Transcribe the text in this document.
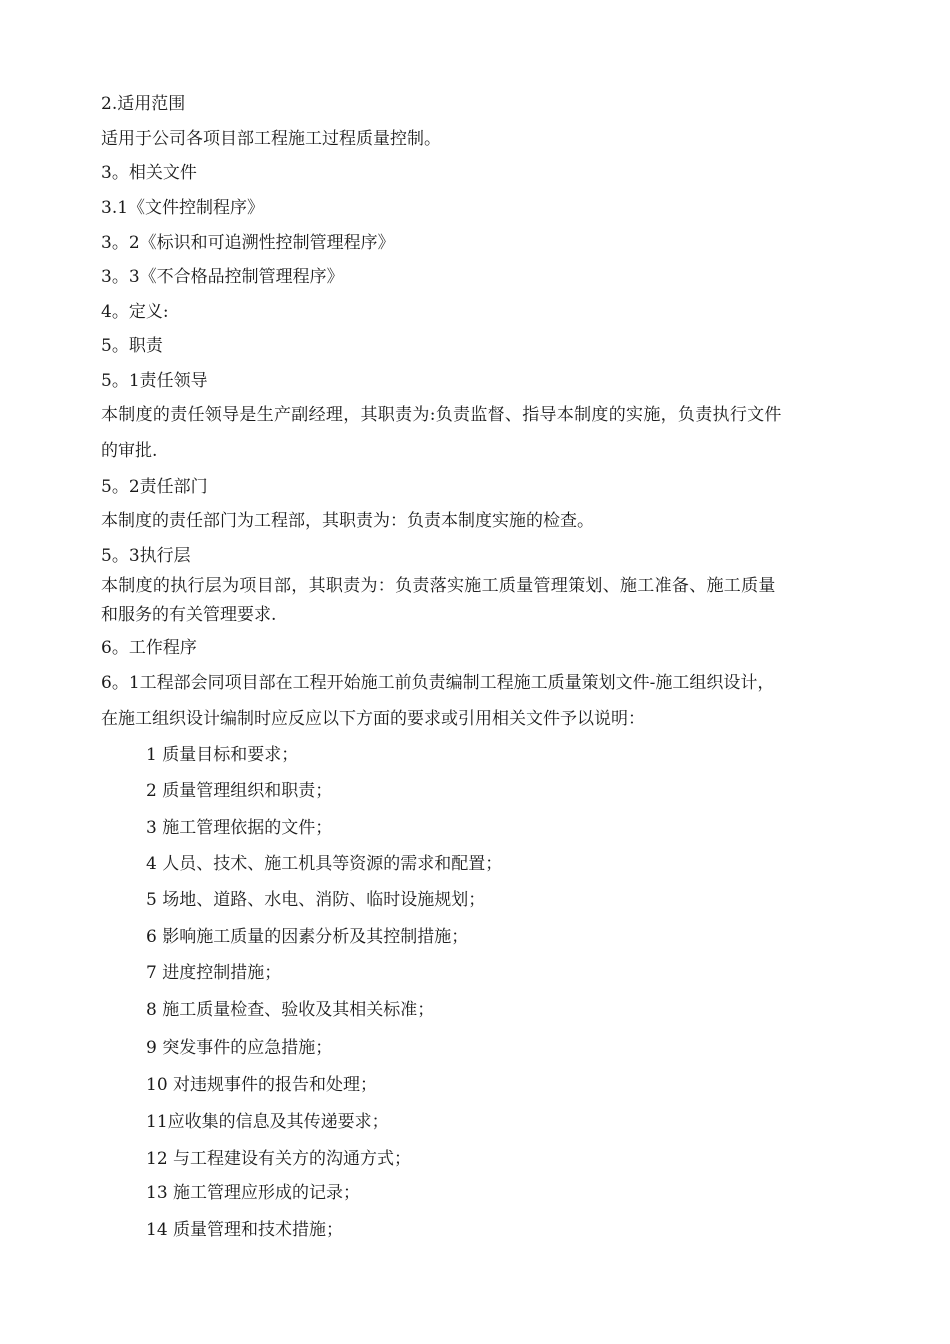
2.适用范围
适用于公司各项目部工程施工过程质量控制。
3。相关文件
3.1《文件控制程序》
3。2《标识和可追溯性控制管理程序》
3。3《不合格品控制管理程序》
4。定义:
5。职责
5。1责任领导
本制度的责任领导是生产副经理，其职责为:负责监督、指导本制度的实施，负责执行文件
的审批.
5。2责任部门
本制度的责任部门为工程部，其职责为：负责本制度实施的检查。
5。3执行层
本制度的执行层为项目部，其职责为：负责落实施工质量管理策划、施工准备、施工质量
和服务的有关管理要求.
6。工作程序
6。1工程部会同项目部在工程开始施工前负责编制工程施工质量策划文件-施工组织设计，
在施工组织设计编制时应反应以下方面的要求或引用相关文件予以说明：
1 质量目标和要求；
2 质量管理组织和职责；
3 施工管理依据的文件；
4 人员、技术、施工机具等资源的需求和配置；
5 场地、道路、水电、消防、临时设施规划；
6 影响施工质量的因素分析及其控制措施；
7 进度控制措施；
8 施工质量检查、验收及其相关标准；
9 突发事件的应急措施；
10 对违规事件的报告和处理；
11应收集的信息及其传递要求；
12 与工程建设有关方的沟通方式；
13 施工管理应形成的记录；
14 质量管理和技术措施；
